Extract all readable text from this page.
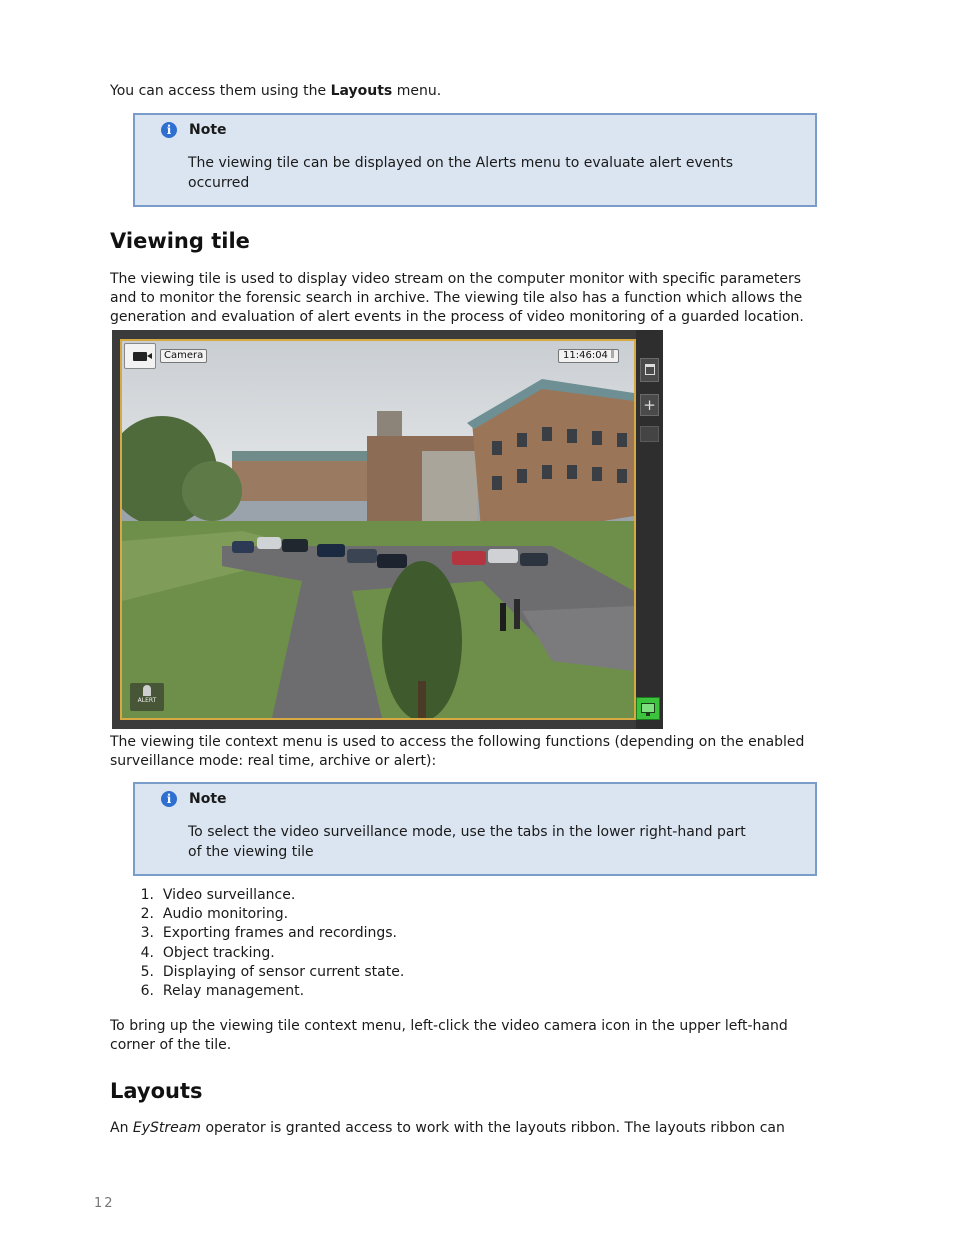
You can access them using the Layouts menu.

i	Note
The viewing tile can be displayed on the Alerts menu to evaluate alert events
occurred
Viewing tile
The viewing tile is used to display video stream on the computer monitor with specific parameters
and to monitor the forensic search in archive. The viewing tile also has a function which allows the
generation and evaluation of alert events in the process of video monitoring of a guarded location.
Camera	11:46:04
ALERT
+
The viewing tile context menu is used to access the following functions (depending on the enabled
surveillance mode: real time, archive or alert):
i	Note
To select the video surveillance mode, use the tabs in the lower right-hand part
of the viewing tile
1.
Video surveillance.
2.
Audio monitoring.
3.
Exporting frames and recordings.
4.
Object tracking.
5.
Displaying of sensor current state.
6.
Relay management.
To bring up the viewing tile context menu, left-click the video camera icon in the upper left-hand
corner of the tile.
Layouts

An EyStream operator is granted access to work with the layouts ribbon. The layouts ribbon can

12
